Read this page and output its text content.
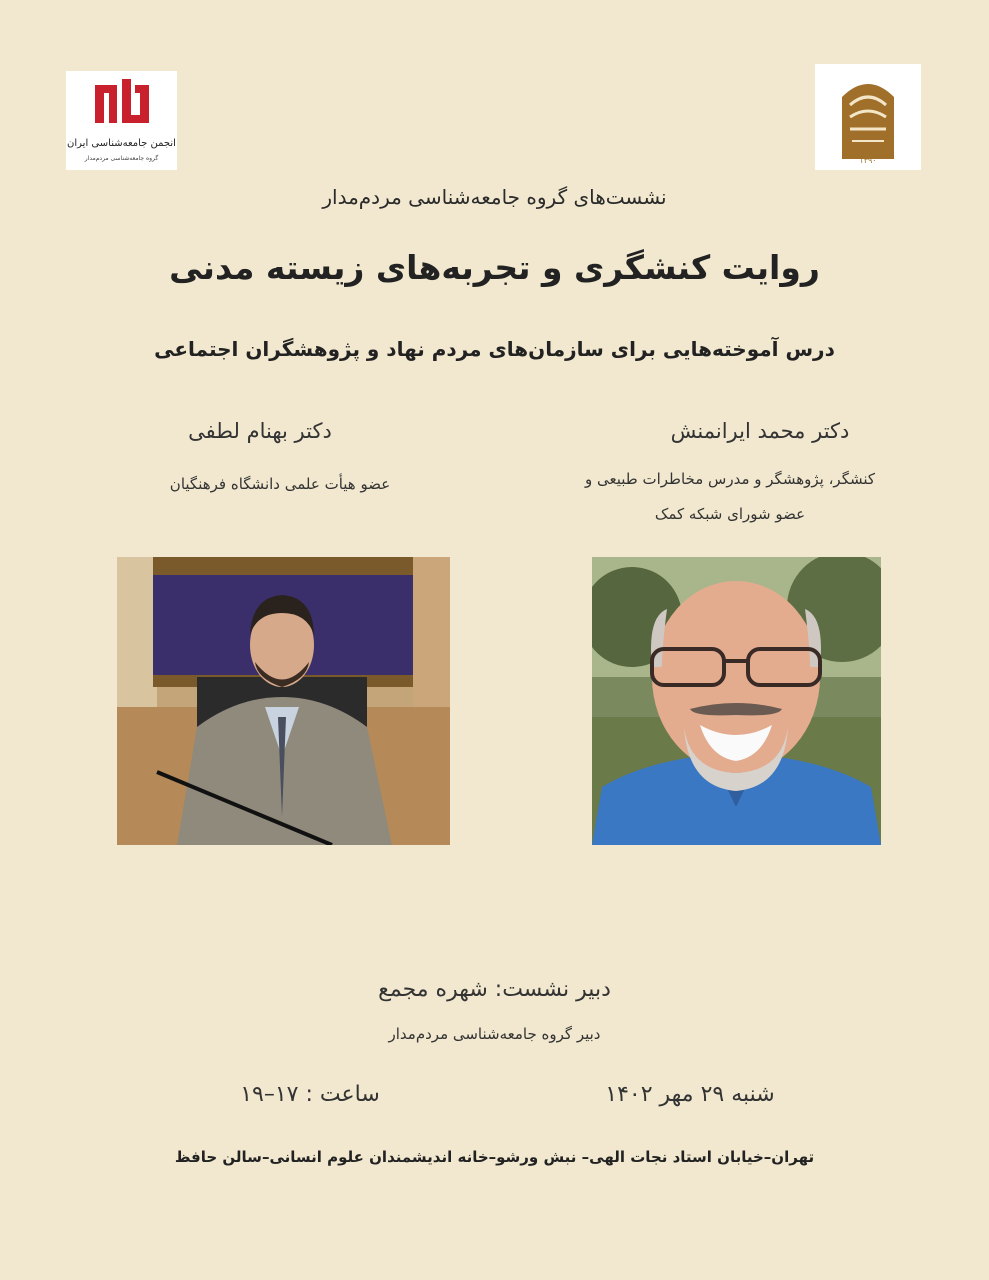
انجمن جامعه‌شناسی ایران
گروه جامعه‌شناسی مردم‌مدار	۱۳۹۰
نشست‌های گروه جامعه‌شناسی مردم‌مدار
روایت کنشگری و تجربه‌های زیسته مدنی
درس آموخته‌هایی برای سازمان‌های مردم نهاد و پژوهشگران اجتماعی
دکتر محمد ایرانمنش
کنشگر، پژوهشگر و مدرس مخاطرات طبیعی و
عضو شورای شبکه کمک
دکتر بهنام لطفی
عضو هیأت علمی دانشگاه فرهنگیان
دبیر نشست: شهره مجمع
دبیر گروه جامعه‌شناسی مردم‌مدار
شنبه ۲۹ مهر ۱۴۰۲
ساعت : ۱۷–۱۹
تهران–خیابان استاد نجات الهی– نبش ورشو–خانه اندیشمندان علوم انسانی–سالن حافظ
